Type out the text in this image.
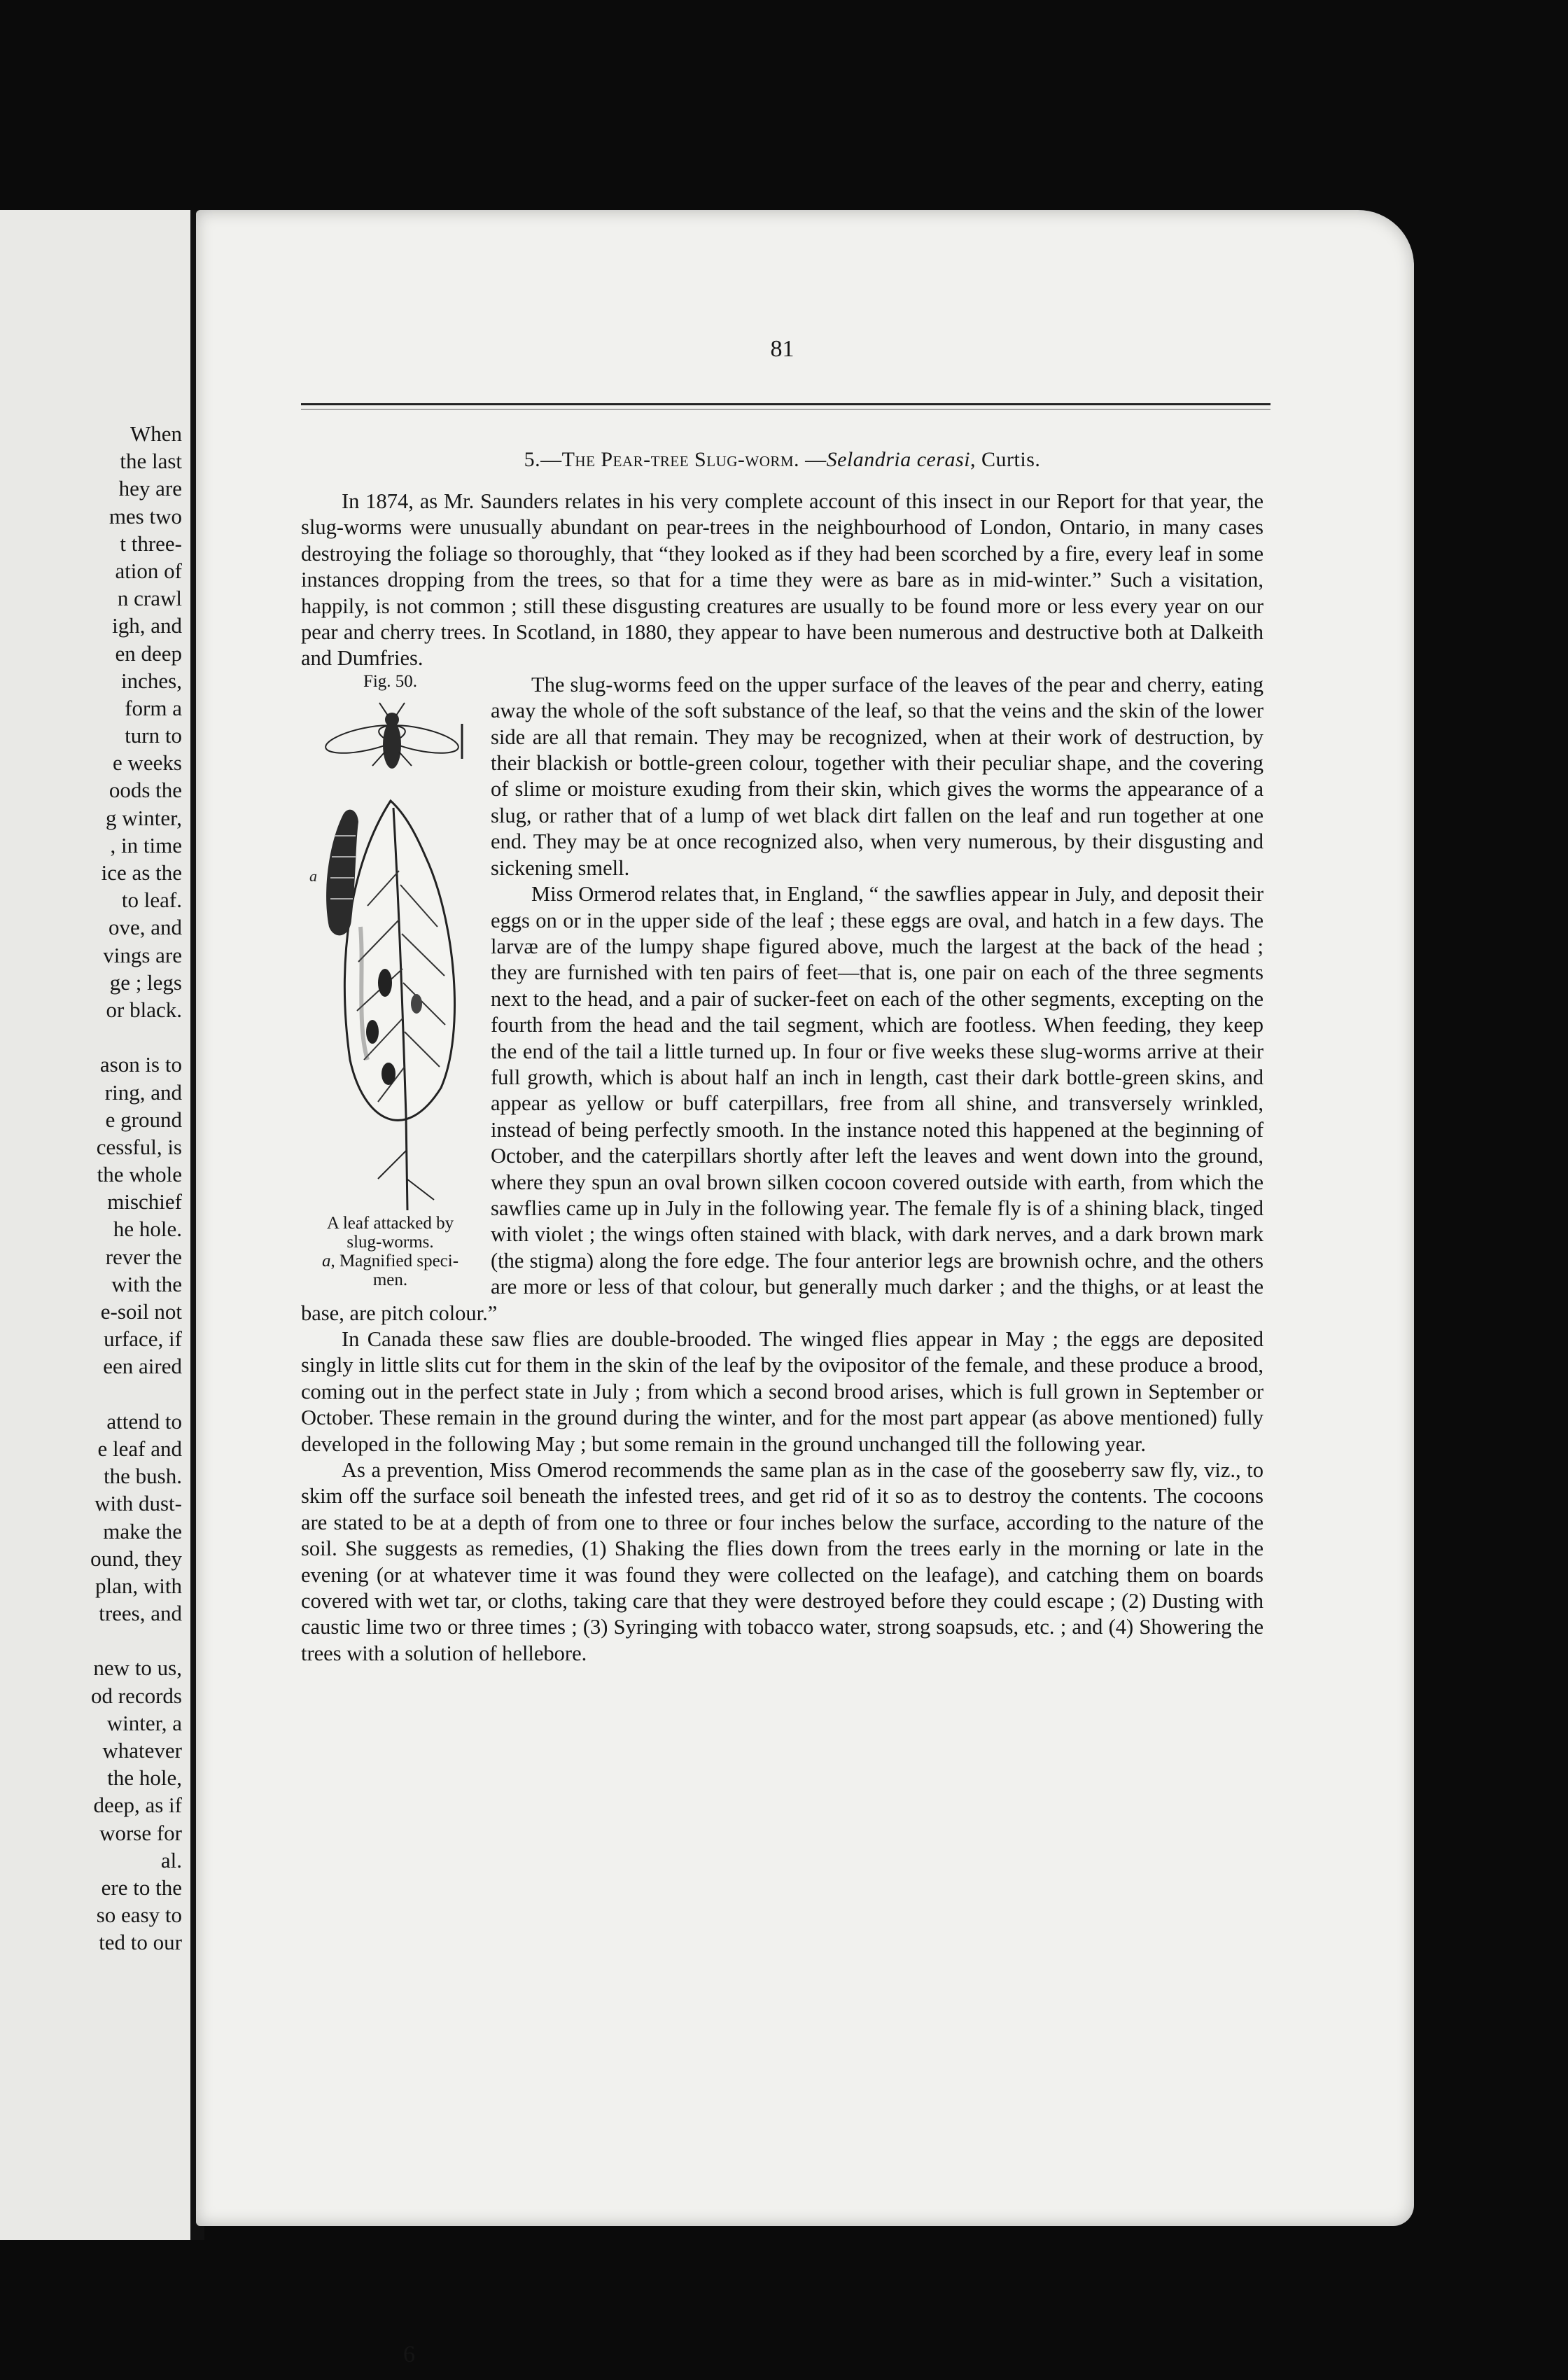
When
the last
hey are
mes two
t three-
ation of
n crawl
igh, and
en deep
inches,
form a
turn to
e weeks
oods the
g winter,
, in time
ice as the
to leaf.
ove, and
vings are
ge ; legs
or black.
ason is to
ring, and
e ground
cessful, is
the whole
mischief
he hole.
rever the
with the
e-soil not
urface, if
een aired
attend to
e leaf and
the bush.
with dust-
make the
ound, they
plan, with
trees, and
new to us,
od records
winter, a
whatever
the hole,
deep, as if
worse for
al.
ere to the
so easy to
ted to our
81
5.—The Pear-tree Slug-worm. —Selandria cerasi, Curtis.

In 1874, as Mr. Saunders relates in his very complete account of this insect in our Report for that year, the slug-worms were unusually abundant on pear-trees in the neighbourhood of London, Ontario, in many cases destroying the foliage so thoroughly, that “they looked as if they had been scorched by a fire, every leaf in some instances dropping from the trees, so that for a time they were as bare as in mid-winter.” Such a visitation, happily, is not common ; still these disgusting creatures are usually to be found more or less every year on our pear and cherry trees. In Scotland, in 1880, they appear to have been numerous and destructive both at Dalkeith and Dumfries.

Fig. 50.
a
A leaf attacked by
slug-worms.
a, Magnified speci-
men.

The slug-worms feed on the upper surface of the leaves of the pear and cherry, eating away the whole of the soft substance of the leaf, so that the veins and the skin of the lower side are all that remain. They may be recognized, when at their work of destruction, by their blackish or bottle-green colour, together with their peculiar shape, and the covering of slime or moisture exuding from their skin, which gives the worms the appearance of a slug, or rather that of a lump of wet black dirt fallen on the leaf and run together at one end. They may be at once recognized also, when very numerous, by their disgusting and sickening smell.

Miss Ormerod relates that, in England, “ the sawflies appear in July, and deposit their eggs on or in the upper side of the leaf ; these eggs are oval, and hatch in a few days. The larvæ are of the lumpy shape figured above, much the largest at the back of the head ; they are furnished with ten pairs of feet—that is, one pair on each of the three segments next to the head, and a pair of sucker-feet on each of the other segments, excepting on the fourth from the head and the tail segment, which are footless. When feeding, they keep the end of the tail a little turned up. In four or five weeks these slug-worms arrive at their full growth, which is about half an inch in length, cast their dark bottle-green skins, and appear as yellow or buff caterpillars, free from all shine, and transversely wrinkled, instead of being perfectly smooth. In the instance noted this happened at the beginning of October, and the caterpillars shortly after left the leaves and went down into the ground, where they spun an oval brown silken cocoon covered outside with earth, from which the sawflies came up in July in the following year. The female fly is of a shining black, tinged with violet ; the wings often stained with black, with dark nerves, and a dark brown mark (the stigma) along the fore edge. The four anterior legs are brownish ochre, and the others are more or less of that colour, but generally much darker ; and the thighs, or at least the base, are pitch colour.”

In Canada these saw flies are double-brooded. The winged flies appear in May ; the eggs are deposited singly in little slits cut for them in the skin of the leaf by the ovipositor of the female, and these produce a brood, coming out in the perfect state in July ; from which a second brood arises, which is full grown in September or October. These remain in the ground during the winter, and for the most part appear (as above mentioned) fully developed in the following May ; but some remain in the ground unchanged till the following year.

As a prevention, Miss Omerod recommends the same plan as in the case of the gooseberry saw fly, viz., to skim off the surface soil beneath the infested trees, and get rid of it so as to destroy the contents. The cocoons are stated to be at a depth of from one to three or four inches below the surface, according to the nature of the soil. She suggests as remedies, (1) Shaking the flies down from the trees early in the morning or late in the evening (or at whatever time it was found they were collected on the leafage), and catching them on boards covered with wet tar, or cloths, taking care that they were destroyed before they could escape ; (2) Dusting with caustic lime two or three times ; (3) Syringing with tobacco water, strong soapsuds, etc. ; and (4) Showering the trees with a solution of hellebore.

6
